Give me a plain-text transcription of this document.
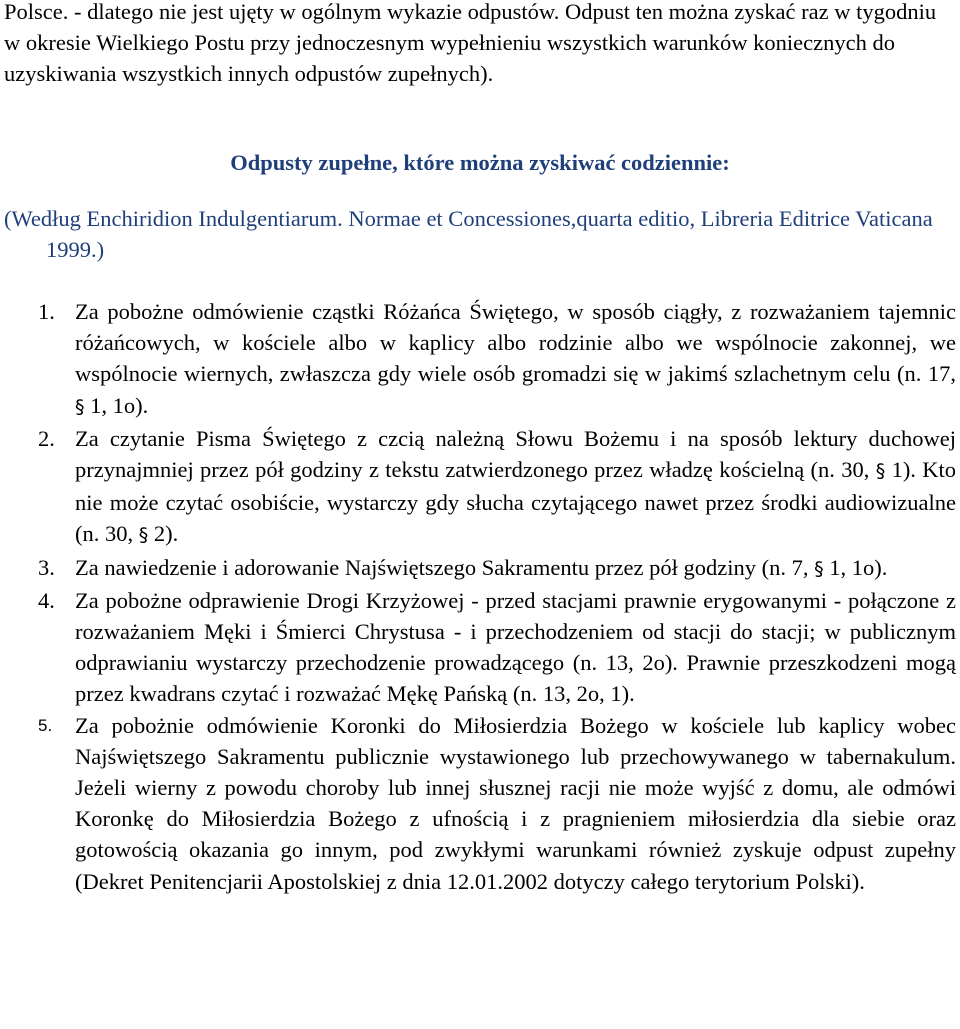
Polsce. - dlatego nie jest ujęty w ogólnym wykazie odpustów. Odpust ten można zyskać raz w tygodniu w okresie Wielkiego Postu przy jednoczesnym wypełnieniu wszystkich warunków koniecznych do uzyskiwania wszystkich innych odpustów zupełnych).

Odpusty zupełne, które można zyskiwać codziennie:

(Według Enchiridion Indulgentiarum. Normae et Concessiones,quarta editio, Libreria Editrice Vaticana 1999.)

1. Za pobożne odmówienie cząstki Różańca Świętego, w sposób ciągły, z rozważaniem tajemnic różańcowych, w kościele albo w kaplicy albo rodzinie albo we wspólnocie zakonnej, we wspólnocie wiernych, zwłaszcza gdy wiele osób gromadzi się w jakimś szlachetnym celu (n. 17, § 1, 1o).
2. Za czytanie Pisma Świętego z czcią należną Słowu Bożemu i na sposób lektury duchowej przynajmniej przez pół godziny z tekstu zatwierdzonego przez władzę kościelną (n. 30, § 1). Kto nie może czytać osobiście, wystarczy gdy słucha czytającego nawet przez środki audiowizualne (n. 30, § 2).
3. Za nawiedzenie i adorowanie Najświętszego Sakramentu przez pół godziny (n. 7, § 1, 1o).
4. Za pobożne odprawienie Drogi Krzyżowej - przed stacjami prawnie erygowanymi - połączone z rozważaniem Męki i Śmierci Chrystusa - i przechodzeniem od stacji do stacji; w publicznym odprawianiu wystarczy przechodzenie prowadzącego (n. 13, 2o). Prawnie przeszkodzeni mogą przez kwadrans czytać i rozważać Mękę Pańską (n. 13, 2o, 1).
5.	Za pobożnie odmówienie Koronki do Miłosierdzia Bożego w kościele lub kaplicy wobec Najświętszego Sakramentu publicznie wystawionego lub przechowywanego w tabernakulum. Jeżeli wierny z powodu choroby lub innej słusznej racji nie może wyjść z domu, ale odmówi Koronkę do Miłosierdzia Bożego z ufnością i z pragnieniem miłosierdzia dla siebie oraz gotowością okazania go innym, pod zwykłymi warunkami również zyskuje odpust zupełny (Dekret Penitencjarii Apostolskiej z dnia 12.01.2002 dotyczy całego terytorium Polski).
